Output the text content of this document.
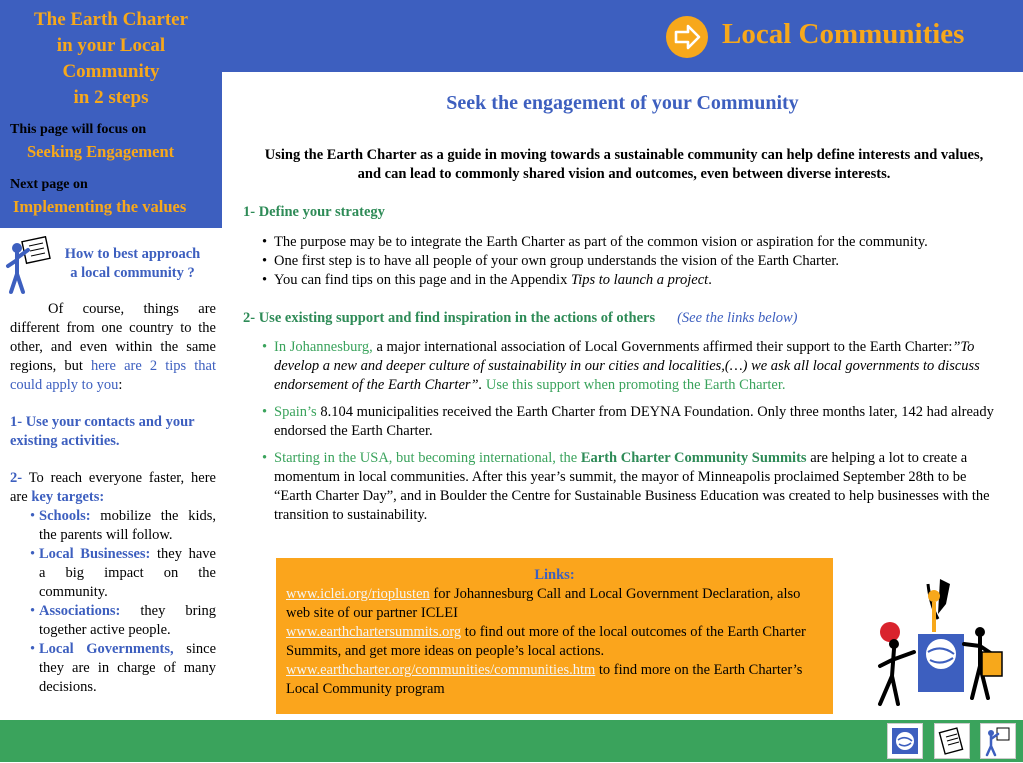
The Earth Charter
in your Local
Community
in 2 steps
This page will focus on
Seeking Engagement
Next page on
Implementing the values
Local Communities
Seek the engagement of your Community
Using the Earth Charter as a guide in moving towards a sustainable community can help define interests and values, and can lead to commonly shared vision and outcomes, even between diverse interests.
1- Define your strategy
• The purpose may be to integrate the Earth Charter as part of the common vision or aspiration for the community.
• One first step is to have all people of your own group understands the vision of the Earth Charter.
• You can find tips on this page and in the Appendix Tips to launch a project.
2- Use existing support and find inspiration in the actions of others (See the links below)
• In Johannesburg, a major international association of Local Governments affirmed their support to the Earth Charter:”To develop a new and deeper culture of sustainability in our cities and localities,(…) we ask all local governments to discuss endorsement of the Earth Charter”. Use this support when promoting the Earth Charter.
• Spain’s 8.104 municipalities received the Earth Charter from DEYNA Foundation. Only three months later, 142 had already endorsed the Earth Charter.
• Starting in the USA, but becoming international, the Earth Charter Community Summits are helping a lot to create a momentum in local communities. After this year’s summit, the mayor of Minneapolis proclaimed September 28th to be “Earth Charter Day”, and in Boulder the Centre for Sustainable Business Education was created to help businesses with the transition to sustainability.
How to best approach
a local community ?

Of course, things are different from one country to the other, and even within the same regions, but here are 2 tips that could apply to you:

1- Use your contacts and your existing activities.

2- To reach everyone faster, here are key targets:

• Schools: mobilize the kids, the parents will follow.
• Local Businesses: they have a big impact on the community.
• Associations: they bring together active people.
• Local Governments, since they are in charge of many decisions.
Links:
www.iclei.org/rioplusten for Johannesburg Call and Local Government Declaration, also web site of our partner ICLEI
www.earthchartersummits.org to find out more of the local outcomes of the Earth Charter Summits, and get more ideas on people’s local actions.
www.earthcharter.org/communities/communities.htm to find more on the Earth Charter’s Local Community program
